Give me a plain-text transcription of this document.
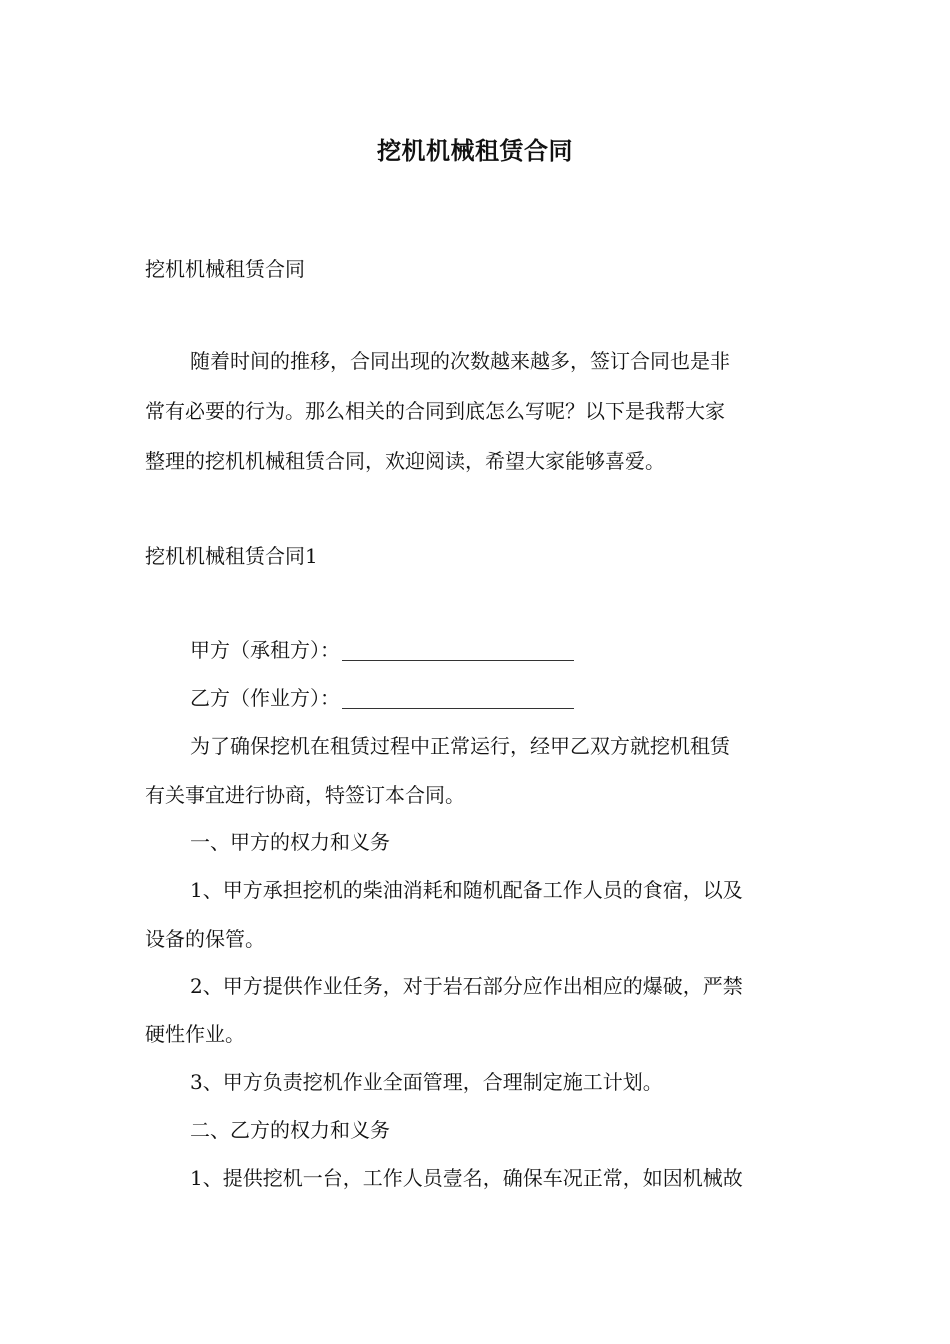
挖机机械租赁合同
挖机机械租赁合同
随着时间的推移，合同出现的次数越来越多，签订合同也是非
常有必要的行为。那么相关的合同到底怎么写呢？以下是我帮大家
整理的挖机机械租赁合同，欢迎阅读，希望大家能够喜爱。
挖机机械租赁合同1
甲方（承租方）：
乙方（作业方）：
为了确保挖机在租赁过程中正常运行，经甲乙双方就挖机租赁
有关事宜进行协商，特签订本合同。
一、甲方的权力和义务
1、甲方承担挖机的柴油消耗和随机配备工作人员的食宿，以及
设备的保管。
2、甲方提供作业任务，对于岩石部分应作出相应的爆破，严禁
硬性作业。
3、甲方负责挖机作业全面管理，合理制定施工计划。
二、乙方的权力和义务
1、提供挖机一台，工作人员壹名，确保车况正常，如因机械故
